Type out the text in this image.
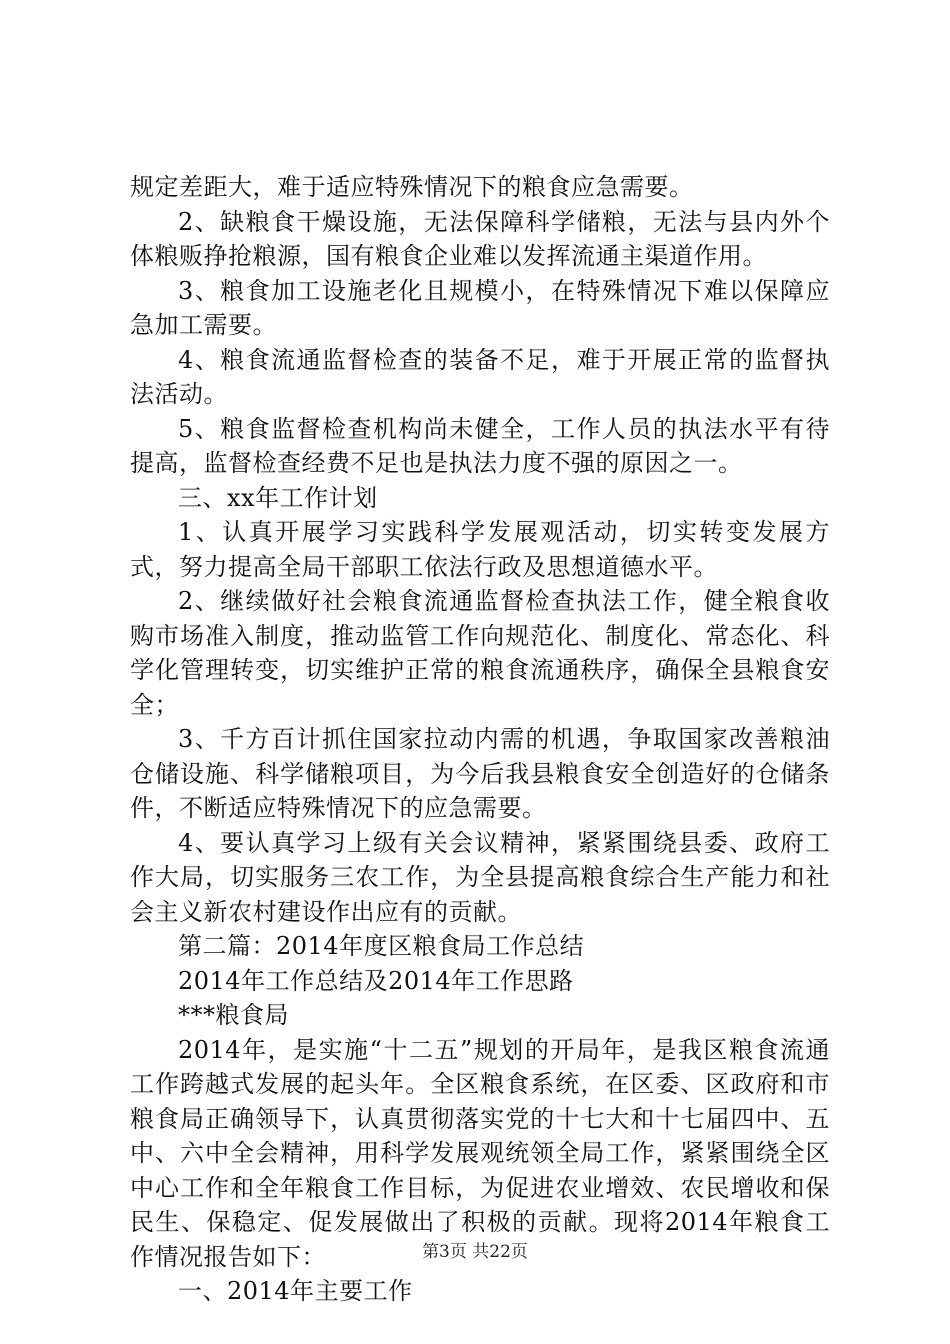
规定差距大，难于适应特殊情况下的粮食应急需要。

2、缺粮食干燥设施，无法保障科学储粮，无法与县内外个体粮贩挣抢粮源，国有粮食企业难以发挥流通主渠道作用。

3、粮食加工设施老化且规模小，在特殊情况下难以保障应急加工需要。

4、粮食流通监督检查的装备不足，难于开展正常的监督执法活动。

5、粮食监督检查机构尚未健全，工作人员的执法水平有待提高，监督检查经费不足也是执法力度不强的原因之一。

三、xx年工作计划

1、认真开展学习实践科学发展观活动，切实转变发展方式，努力提高全局干部职工依法行政及思想道德水平。

2、继续做好社会粮食流通监督检查执法工作，健全粮食收购市场准入制度，推动监管工作向规范化、制度化、常态化、科学化管理转变，切实维护正常的粮食流通秩序，确保全县粮食安全；

3、千方百计抓住国家拉动内需的机遇，争取国家改善粮油仓储设施、科学储粮项目，为今后我县粮食安全创造好的仓储条件，不断适应特殊情况下的应急需要。

4、要认真学习上级有关会议精神，紧紧围绕县委、政府工作大局，切实服务三农工作，为全县提高粮食综合生产能力和社会主义新农村建设作出应有的贡献。

第二篇：2014年度区粮食局工作总结

2014年工作总结及2014年工作思路

***粮食局

2014年，是实施“十二五”规划的开局年，是我区粮食流通工作跨越式发展的起头年。全区粮食系统，在区委、区政府和市粮食局正确领导下，认真贯彻落实党的十七大和十七届四中、五中、六中全会精神，用科学发展观统领全局工作，紧紧围绕全区中心工作和全年粮食工作目标，为促进农业增效、农民增收和保民生、保稳定、促发展做出了积极的贡献。现将2014年粮食工作情况报告如下：

一、2014年主要工作

第3页 共22页
